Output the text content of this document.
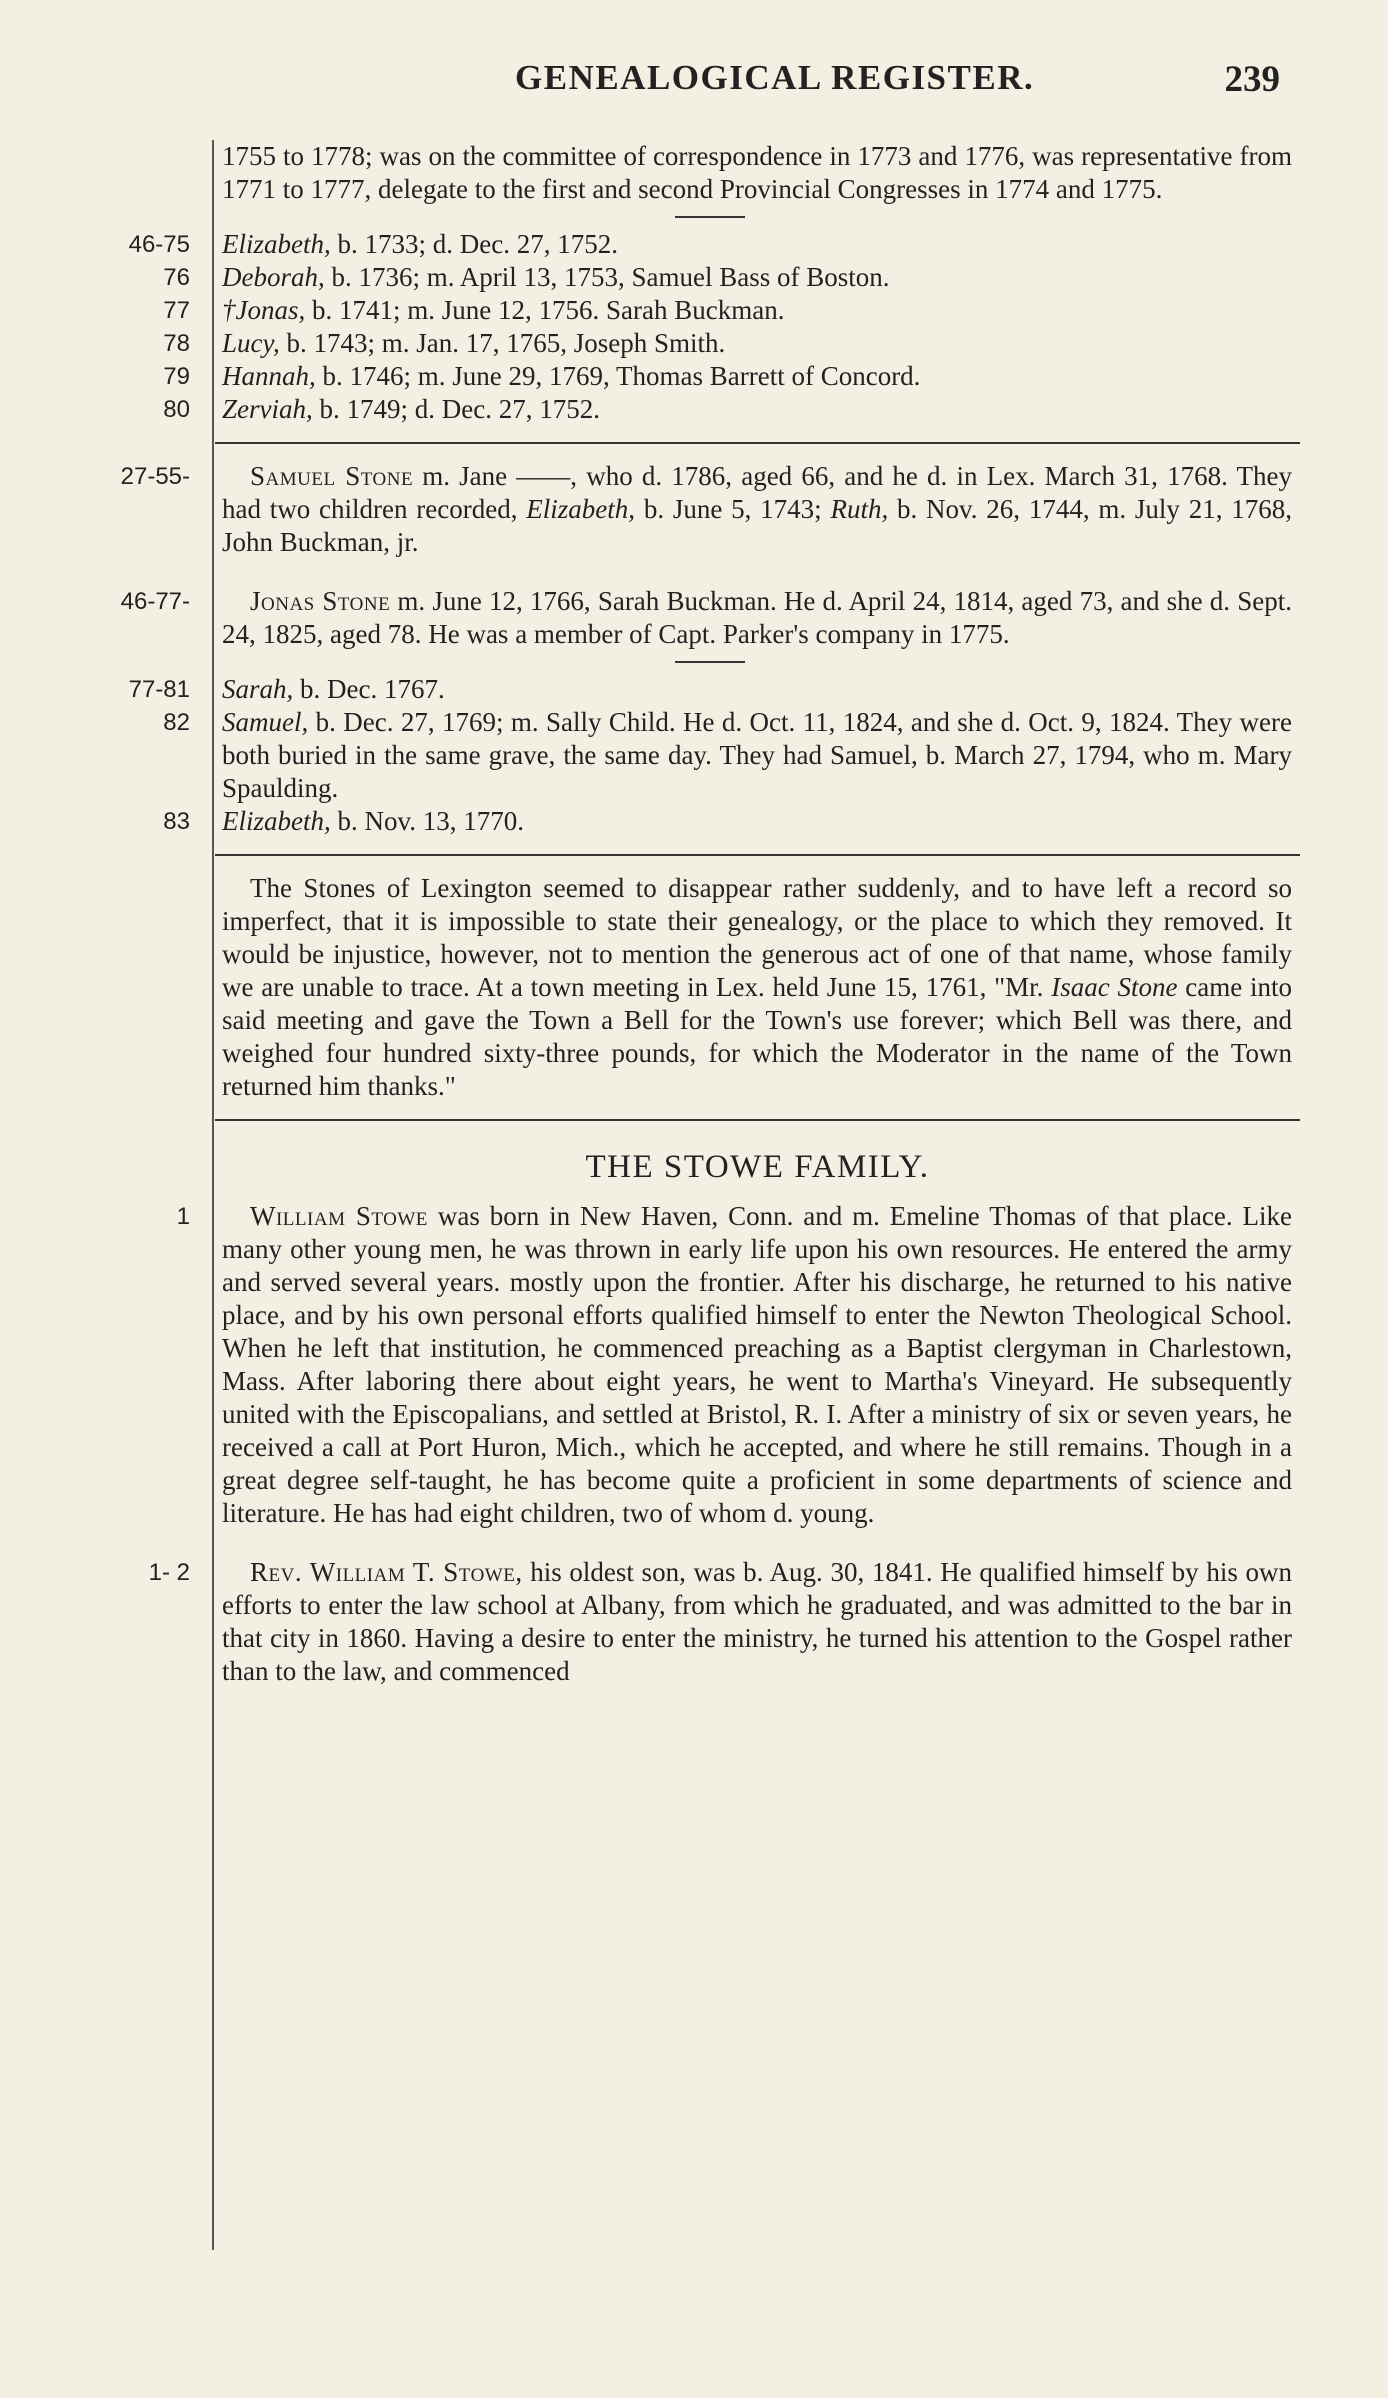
GENEALOGICAL REGISTER.	239
1755 to 1778; was on the committee of correspondence in 1773 and 1776, was representative from 1771 to 1777, delegate to the first and second Provincial Congresses in 1774 and 1775.
46-75 Elizabeth, b. 1733; d. Dec. 27, 1752.
76 Deborah, b. 1736; m. April 13, 1753, Samuel Bass of Boston.
77 †Jonas, b. 1741; m. June 12, 1756. Sarah Buckman.
78 Lucy, b. 1743; m. Jan. 17, 1765, Joseph Smith.
79 Hannah, b. 1746; m. June 29, 1769, Thomas Barrett of Concord.
80 Zerviah, b. 1749; d. Dec. 27, 1752.
27-55-	Samuel Stone m. Jane ——, who d. 1786, aged 66, and he d. in Lex. March 31, 1768. They had two children recorded, Elizabeth, b. June 5, 1743; Ruth, b. Nov. 26, 1744, m. July 21, 1768, John Buckman, jr.
46-77-	Jonas Stone m. June 12, 1766, Sarah Buckman. He d. April 24, 1814, aged 73, and she d. Sept. 24, 1825, aged 78. He was a member of Capt. Parker's company in 1775.
77-81 Sarah, b. Dec. 1767.
82 Samuel, b. Dec. 27, 1769; m. Sally Child. He d. Oct. 11, 1824, and she d. Oct. 9, 1824. They were both buried in the same grave, the same day. They had Samuel, b. March 27, 1794, who m. Mary Spaulding.
83 Elizabeth, b. Nov. 13, 1770.
The Stones of Lexington seemed to disappear rather suddenly, and to have left a record so imperfect, that it is impossible to state their genealogy, or the place to which they removed. It would be injustice, however, not to mention the generous act of one of that name, whose family we are unable to trace. At a town meeting in Lex. held June 15, 1761, "Mr. Isaac Stone came into said meeting and gave the Town a Bell for the Town's use forever; which Bell was there, and weighed four hundred sixty-three pounds, for which the Moderator in the name of the Town returned him thanks."
THE STOWE FAMILY.
1	William Stowe was born in New Haven, Conn. and m. Emeline Thomas of that place. Like many other young men, he was thrown in early life upon his own resources. He entered the army and served several years. mostly upon the frontier. After his discharge, he returned to his native place, and by his own personal efforts qualified himself to enter the Newton Theological School. When he left that institution, he commenced preaching as a Baptist clergyman in Charlestown, Mass. After laboring there about eight years, he went to Martha's Vineyard. He subsequently united with the Episcopalians, and settled at Bristol, R. I. After a ministry of six or seven years, he received a call at Port Huron, Mich., which he accepted, and where he still remains. Though in a great degree self-taught, he has become quite a proficient in some departments of science and literature. He has had eight children, two of whom d. young.
1- 2	Rev. William T. Stowe, his oldest son, was b. Aug. 30, 1841. He qualified himself by his own efforts to enter the law school at Albany, from which he graduated, and was admitted to the bar in that city in 1860. Having a desire to enter the ministry, he turned his attention to the Gospel rather than to the law, and commenced
